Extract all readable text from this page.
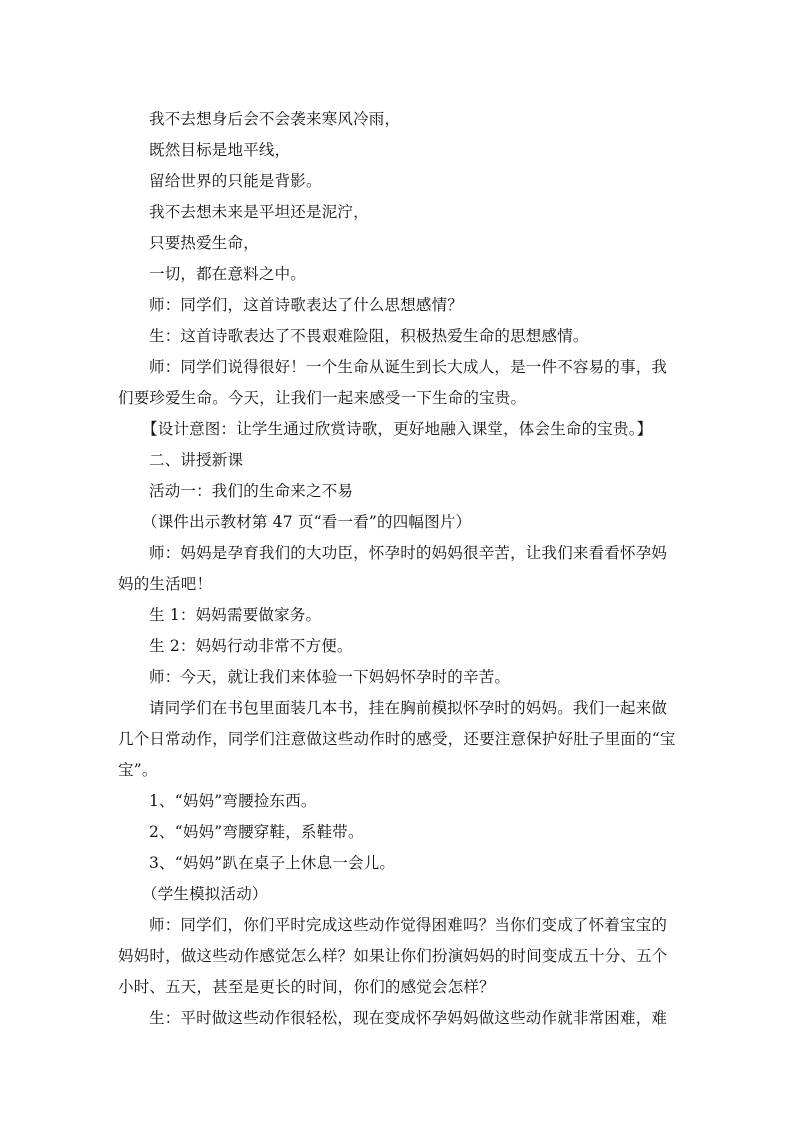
我不去想身后会不会袭来寒风冷雨，

既然目标是地平线，

留给世界的只能是背影。

我不去想未来是平坦还是泥泞，

只要热爱生命，

一切，都在意料之中。

师：同学们，这首诗歌表达了什么思想感情？

生：这首诗歌表达了不畏艰难险阻，积极热爱生命的思想感情。

师：同学们说得很好！一个生命从诞生到长大成人，是一件不容易的事，我们要珍爱生命。今天，让我们一起来感受一下生命的宝贵。

【设计意图：让学生通过欣赏诗歌，更好地融入课堂，体会生命的宝贵。】

二、讲授新课

活动一：我们的生命来之不易

（课件出示教材第 47 页“看一看”的四幅图片）

师：妈妈是孕育我们的大功臣，怀孕时的妈妈很辛苦，让我们来看看怀孕妈妈的生活吧！

生 1：妈妈需要做家务。

生 2：妈妈行动非常不方便。

师：今天，就让我们来体验一下妈妈怀孕时的辛苦。

请同学们在书包里面装几本书，挂在胸前模拟怀孕时的妈妈。我们一起来做几个日常动作，同学们注意做这些动作时的感受，还要注意保护好肚子里面的“宝宝”。

1、“妈妈”弯腰捡东西。

2、“妈妈”弯腰穿鞋，系鞋带。

3、“妈妈”趴在桌子上休息一会儿。

（学生模拟活动）

师：同学们，你们平时完成这些动作觉得困难吗？当你们变成了怀着宝宝的妈妈时，做这些动作感觉怎么样？如果让你们扮演妈妈的时间变成五十分、五个小时、五天，甚至是更长的时间，你们的感觉会怎样？

生：平时做这些动作很轻松，现在变成怀孕妈妈做这些动作就非常困难，难
